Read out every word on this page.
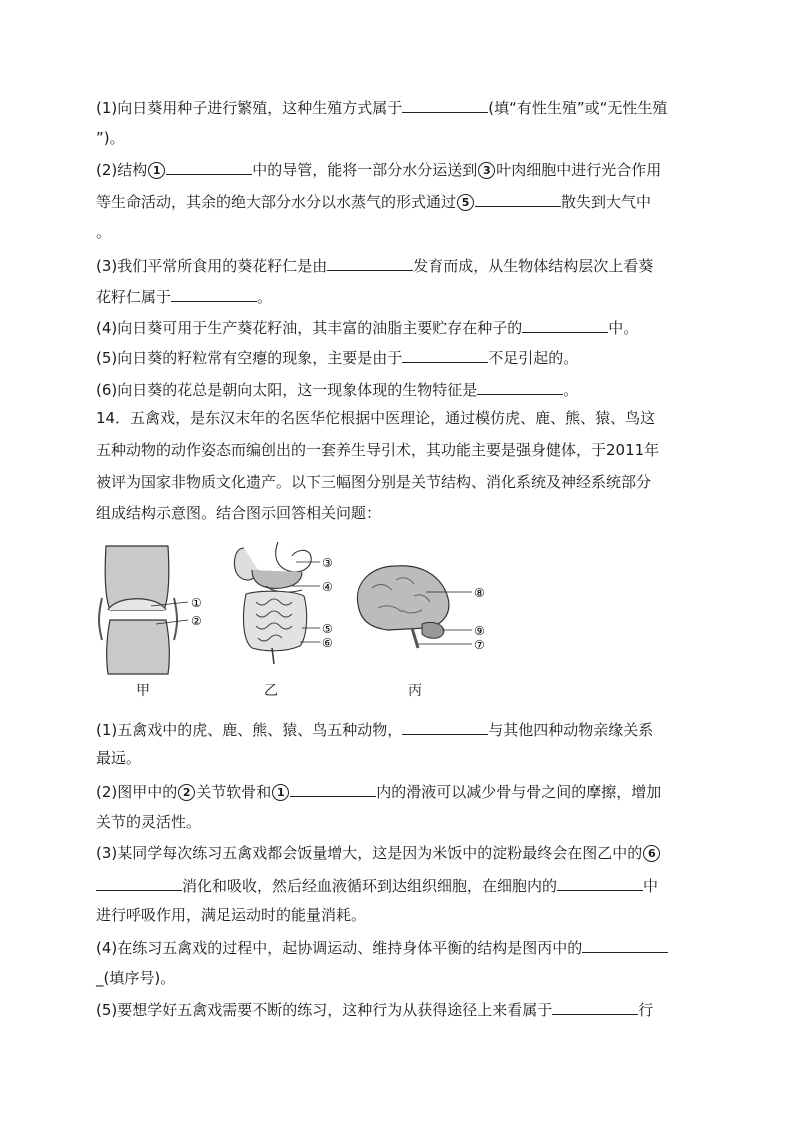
(1)向日葵用种子进行繁殖，这种生殖方式属于	(填“有性生殖”或“无性生殖
”)。
(2)结构 1	中的导管，能将一部分水分运送到 3 叶肉细胞中进行光合作用
等生命活动，其余的绝大部分水分以水蒸气的形式通过 5	散失到大气中
。
(3)我们平常所食用的葵花籽仁是由	发育而成，从生物体结构层次上看葵
花籽仁属于	。
(4)向日葵可用于生产葵花籽油，其丰富的油脂主要贮存在种子的	中。
(5)向日葵的籽粒常有空瘪的现象，主要是由于	不足引起的。
(6)向日葵的花总是朝向太阳，这一现象体现的生物特征是	。
14．五禽戏，是东汉末年的名医华佗根据中医理论，通过模仿虎、鹿、熊、猿、鸟这
五种动物的动作姿态而编创出的一套养生导引术，其功能主要是强身健体，于2011年
被评为国家非物质文化遗产。以下三幅图分别是关节结构、消化系统及神经系统部分
组成结构示意图。结合图示回答相关问题：
①
②
③
④
⑤
⑥
⑧
⑨
⑦
甲	乙	丙
(1)五禽戏中的虎、鹿、熊、猿、鸟五种动物，	与其他四种动物亲缘关系
最远。
(2)图甲中的 2 关节软骨和 1	内的滑液可以减少骨与骨之间的摩擦，增加
关节的灵活性。
(3)某同学每次练习五禽戏都会饭量增大，这是因为米饭中的淀粉最终会在图乙中的 6
消化和吸收，然后经血液循环到达组织细胞，在细胞内的	中
进行呼吸作用，满足运动时的能量消耗。
(4)在练习五禽戏的过程中，起协调运动、维持身体平衡的结构是图丙中的
_(填序号)。
(5)要想学好五禽戏需要不断的练习，这种行为从获得途径上来看属于	行
